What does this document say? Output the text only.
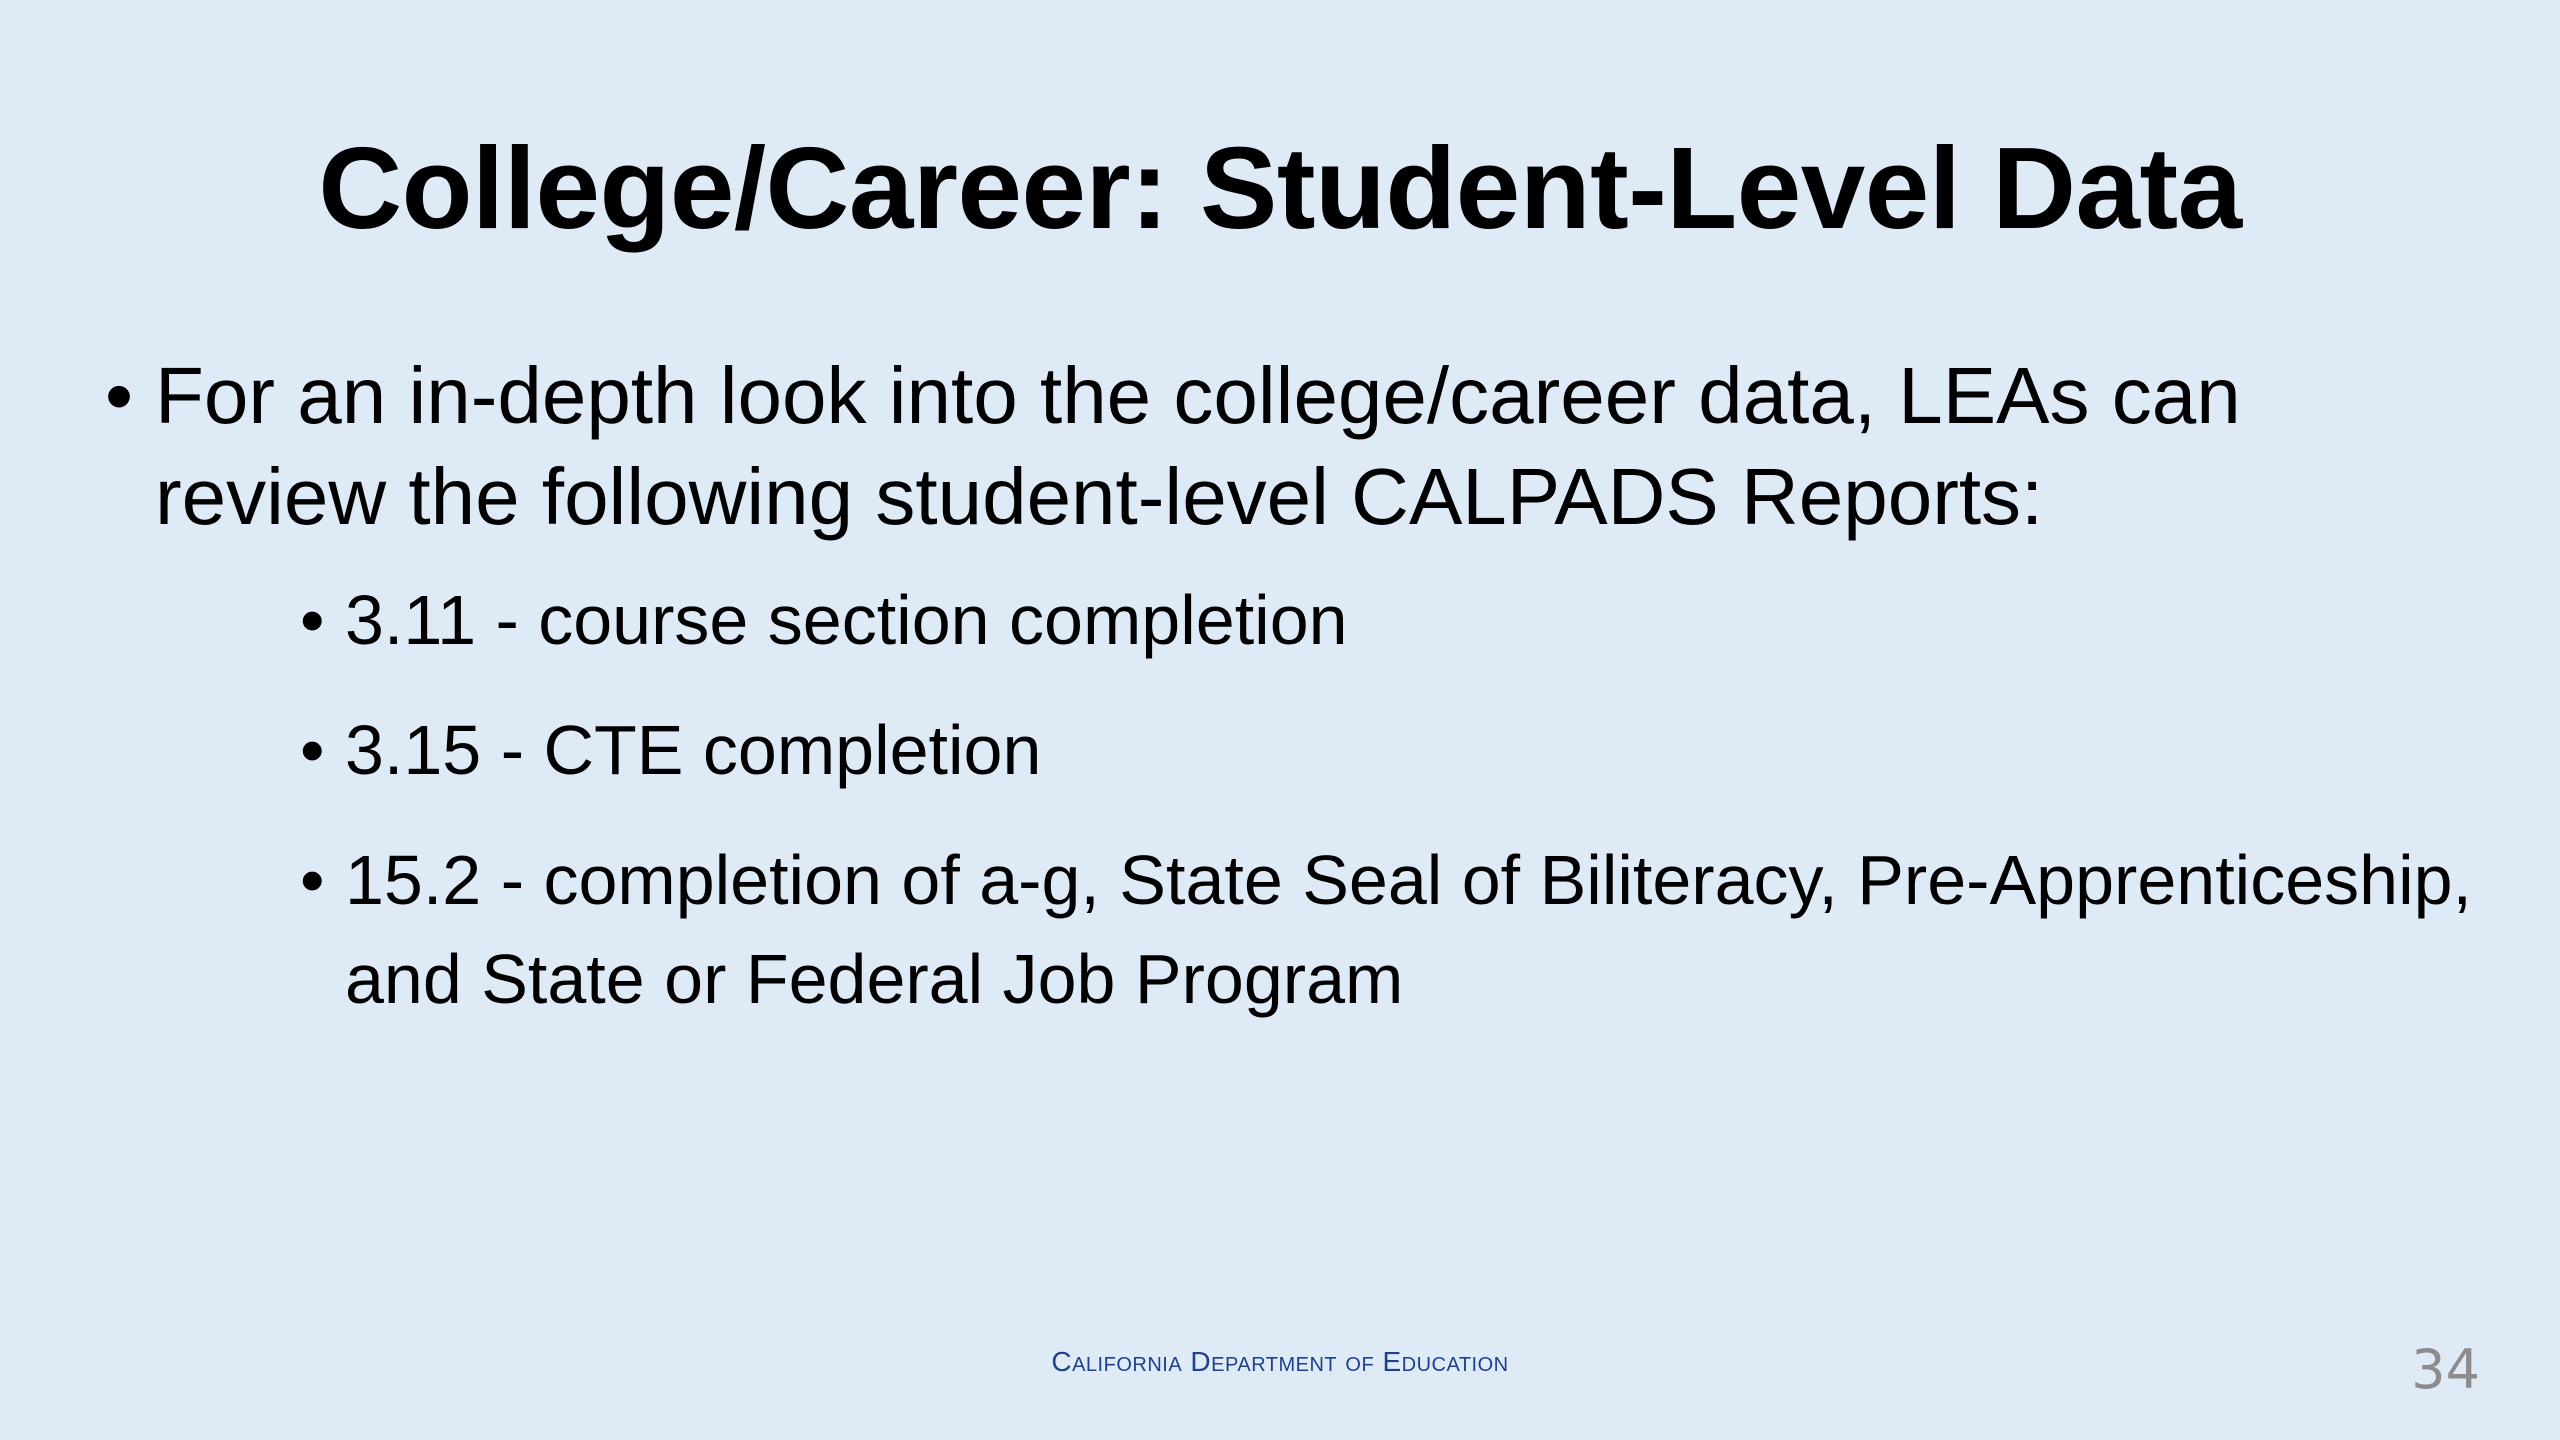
College/Career: Student-Level Data
• For an in-depth look into the college/career data, LEAs can review the following student-level CALPADS Reports:
• 3.11 - course section completion
• 3.15 - CTE completion
• 15.2 - completion of a-g, State Seal of Biliteracy, Pre-Apprenticeship, and State or Federal Job Program
California Department of Education	34
